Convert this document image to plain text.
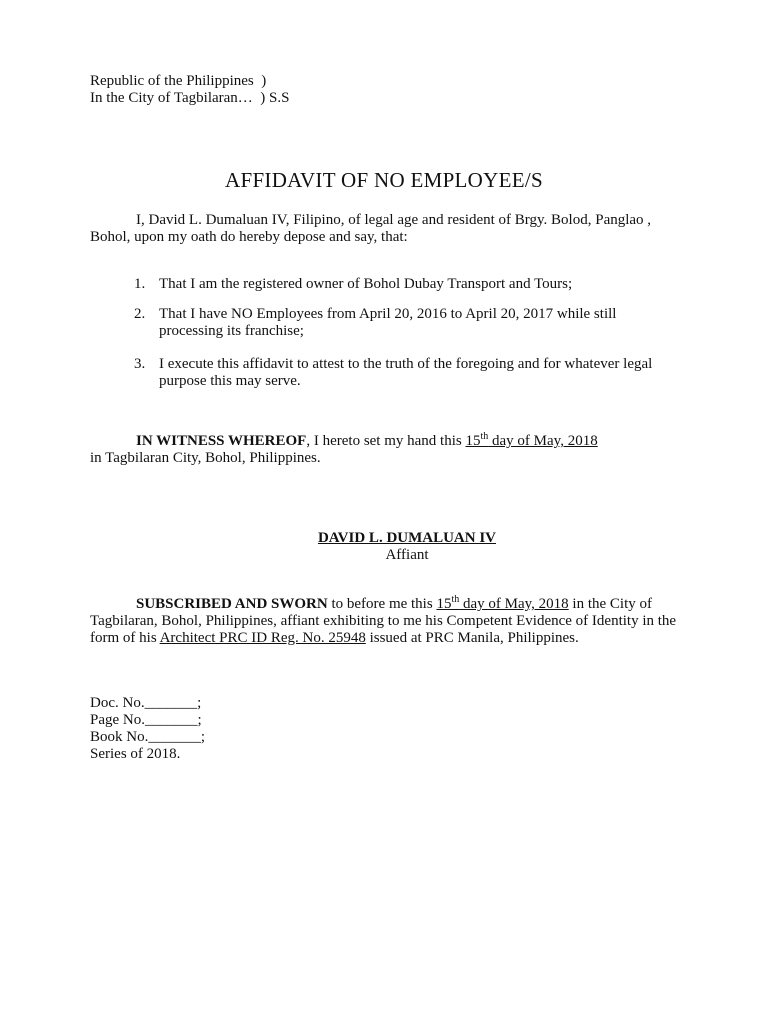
Republic of the Philippines  )
In the City of Tagbilaran…  ) S.S
AFFIDAVIT OF NO EMPLOYEE/S

I, David L. Dumaluan IV, Filipino, of legal age and resident of Brgy. Bolod, Panglao , Bohol, upon my oath do hereby depose and say, that:

1. That I am the registered owner of Bohol Dubay Transport and Tours;
2. That I have NO Employees from April 20, 2016 to April 20, 2017 while still processing its franchise;
3. I execute this affidavit to attest to the truth of the foregoing and for whatever legal purpose this may serve.

IN WITNESS WHEREOF, I hereto set my hand this 15th day of May, 2018
in Tagbilaran City, Bohol, Philippines.

DAVID L. DUMALUAN IV
Affiant

SUBSCRIBED AND SWORN to before me this 15th day of May, 2018 in the City of Tagbilaran, Bohol, Philippines, affiant exhibiting to me his Competent Evidence of Identity in the form of his Architect PRC ID Reg. No. 25948 issued at PRC Manila, Philippines.

Doc. No._______;
Page No._______;
Book No._______;
Series of 2018.
